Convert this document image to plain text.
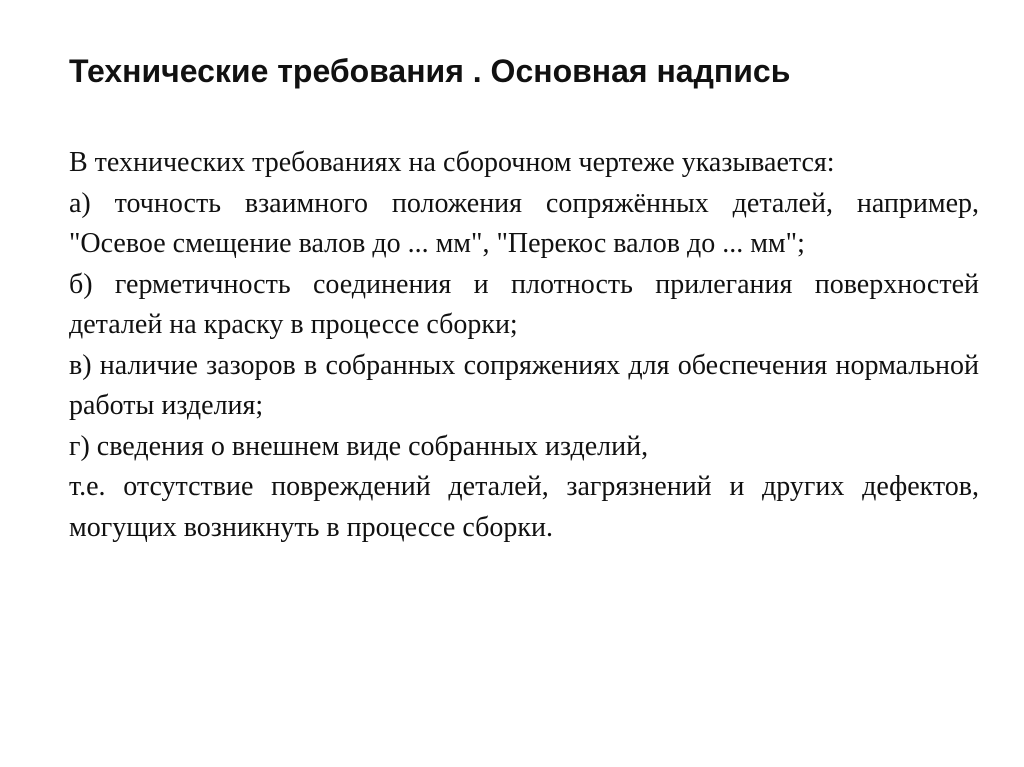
Технические требования . Основная надпись

В технических требованиях на сборочном чертеже указывается:

а) точность взаимного положения сопряжённых деталей, например, "Осевое смещение валов до ... мм", "Перекос валов до ... мм";

б) герметичность соединения и плотность прилегания поверхностей деталей на краску в процессе сборки;

в) наличие зазоров в собранных сопряжениях для обеспечения нормальной работы изделия;

г) сведения о внешнем виде собранных изделий,

т.е. отсутствие повреждений деталей, загрязнений и других дефектов, могущих возникнуть в процессе сборки.
